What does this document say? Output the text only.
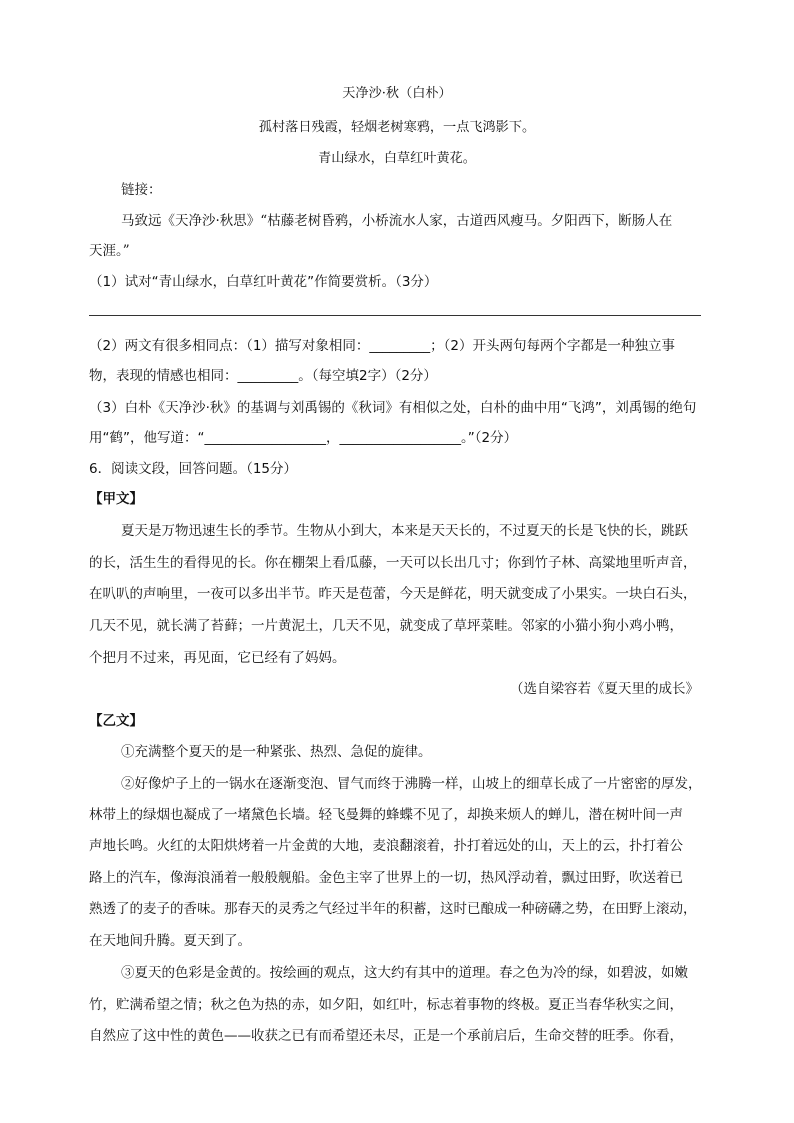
天净沙·秋（白朴）
孤村落日残霞，轻烟老树寒鸦，一点飞鸿影下。
青山绿水，白草红叶黄花。
链接：
马致远《天净沙·秋思》“枯藤老树昏鸦，小桥流水人家，古道西风瘦马。夕阳西下，断肠人在
天涯。”
（1）试对“青山绿水，白草红叶黄花”作简要赏析。（3分）
（2）两文有很多相同点：（1）描写对象相同：_________；（2）开头两句每两个字都是一种独立事
物，表现的情感也相同：_________。（每空填2字）（2分）
（3）白朴《天净沙·秋》的基调与刘禹锡的《秋词》有相似之处，白朴的曲中用“飞鸿”，刘禹锡的绝句
用“鹤”，他写道：“__________________，__________________。”（2分）
6．阅读文段，回答问题。（15分）
【甲文】
夏天是万物迅速生长的季节。生物从小到大，本来是天天长的，不过夏天的长是飞快的长，跳跃
的长，活生生的看得见的长。你在棚架上看瓜藤，一天可以长出几寸；你到竹子林、高粱地里听声音，
在叭叭的声响里，一夜可以多出半节。昨天是苞蕾，今天是鲜花，明天就变成了小果实。一块白石头，
几天不见，就长满了苔藓；一片黄泥土，几天不见，就变成了草坪菜畦。邻家的小猫小狗小鸡小鸭，
个把月不过来，再见面，它已经有了妈妈。
（选自梁容若《夏天里的成长》
【乙文】
①充满整个夏天的是一种紧张、热烈、急促的旋律。
②好像炉子上的一锅水在逐渐变泡、冒气而终于沸腾一样，山坡上的细草长成了一片密密的厚发，
林带上的绿烟也凝成了一堵黛色长墙。轻飞曼舞的蜂蝶不见了，却换来烦人的蝉儿，潜在树叶间一声
声地长鸣。火红的太阳烘烤着一片金黄的大地，麦浪翻滚着，扑打着远处的山，天上的云，扑打着公
路上的汽车，像海浪涌着一般般舰船。金色主宰了世界上的一切，热风浮动着，飘过田野，吹送着已
熟透了的麦子的香味。那春天的灵秀之气经过半年的积蓄，这时已酿成一种磅礴之势，在田野上滚动，
在天地间升腾。夏天到了。
③夏天的色彩是金黄的。按绘画的观点，这大约有其中的道理。春之色为冷的绿，如碧波，如嫩
竹，贮满希望之情；秋之色为热的赤，如夕阳，如红叶，标志着事物的终极。夏正当春华秋实之间，
自然应了这中性的黄色——收获之已有而希望还未尽，正是一个承前启后，生命交替的旺季。你看，
